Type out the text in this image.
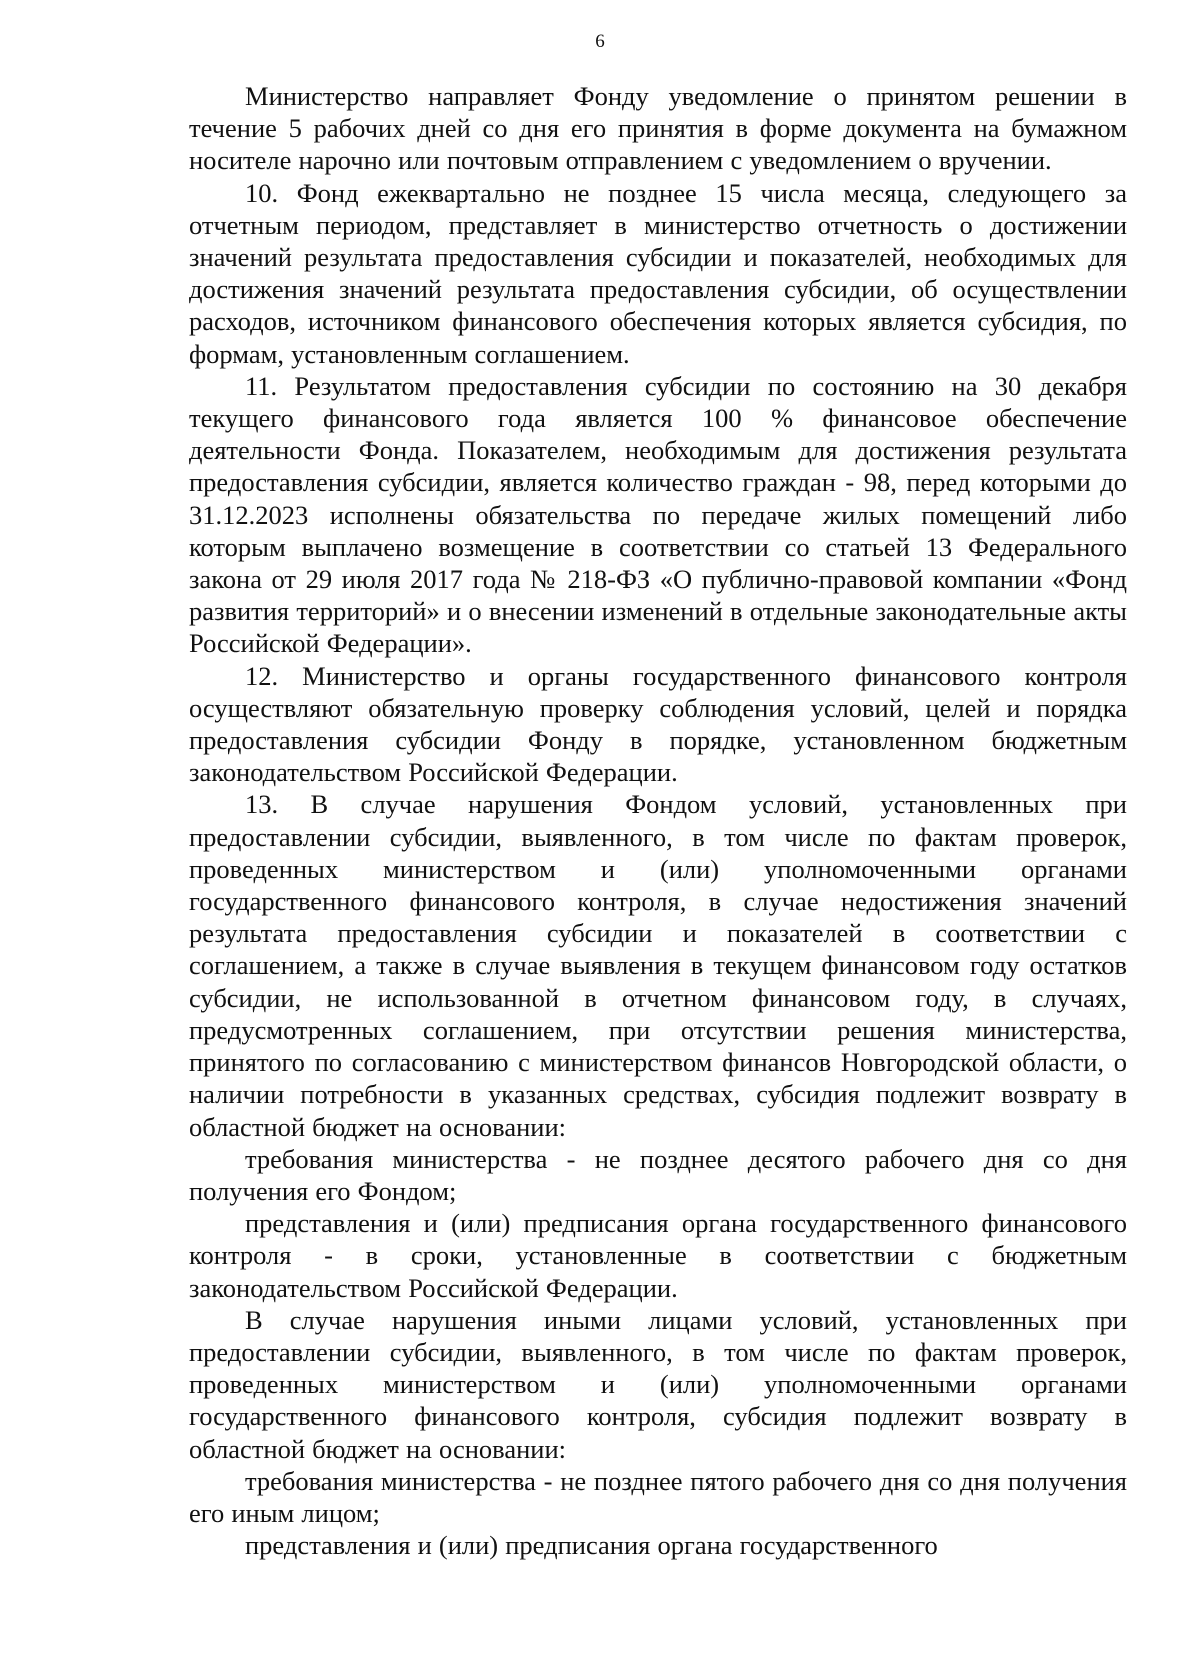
6

Министерство направляет Фонду уведомление о принятом решении в течение 5 рабочих дней со дня его принятия в форме документа на бумажном носителе нарочно или почтовым отправлением с уведомлением о вручении.

10. Фонд ежеквартально не позднее 15 числа месяца, следующего за отчетным периодом, представляет в министерство отчетность о достижении значений результата предоставления субсидии и показателей, необходимых для достижения значений результата предоставления субсидии, об осуществлении расходов, источником финансового обеспечения которых является субсидия, по формам, установленным соглашением.

11. Результатом предоставления субсидии по состоянию на 30 декабря текущего финансового года является 100 % финансовое обеспечение деятельности Фонда. Показателем, необходимым для достижения результата предоставления субсидии, является количество граждан - 98, перед которыми до 31.12.2023 исполнены обязательства по передаче жилых помещений либо которым выплачено возмещение в соответствии со статьей 13 Федерального закона от 29 июля 2017 года № 218-ФЗ «О публично-правовой компании «Фонд развития территорий» и о внесении изменений в отдельные законодательные акты Российской Федерации».

12. Министерство и органы государственного финансового контроля осуществляют обязательную проверку соблюдения условий, целей и порядка предоставления субсидии Фонду в порядке, установленном бюджетным законодательством Российской Федерации.

13. В случае нарушения Фондом условий, установленных при предоставлении субсидии, выявленного, в том числе по фактам проверок, проведенных министерством и (или) уполномоченными органами государственного финансового контроля, в случае недостижения значений результата предоставления субсидии и показателей в соответствии с соглашением, а также в случае выявления в текущем финансовом году остатков субсидии, не использованной в отчетном финансовом году, в случаях, предусмотренных соглашением, при отсутствии решения министерства, принятого по согласованию с министерством финансов Новгородской области, о наличии потребности в указанных средствах, субсидия подлежит возврату в областной бюджет на основании:

требования министерства - не позднее десятого рабочего дня со дня получения его Фондом;

представления и (или) предписания органа государственного финансового контроля - в сроки, установленные в соответствии с бюджетным законодательством Российской Федерации.

В случае нарушения иными лицами условий, установленных при предоставлении субсидии, выявленного, в том числе по фактам проверок, проведенных министерством и (или) уполномоченными органами государственного финансового контроля, субсидия подлежит возврату в областной бюджет на основании:

требования министерства - не позднее пятого рабочего дня со дня получения его иным лицом;

представления и (или) предписания органа государственного
